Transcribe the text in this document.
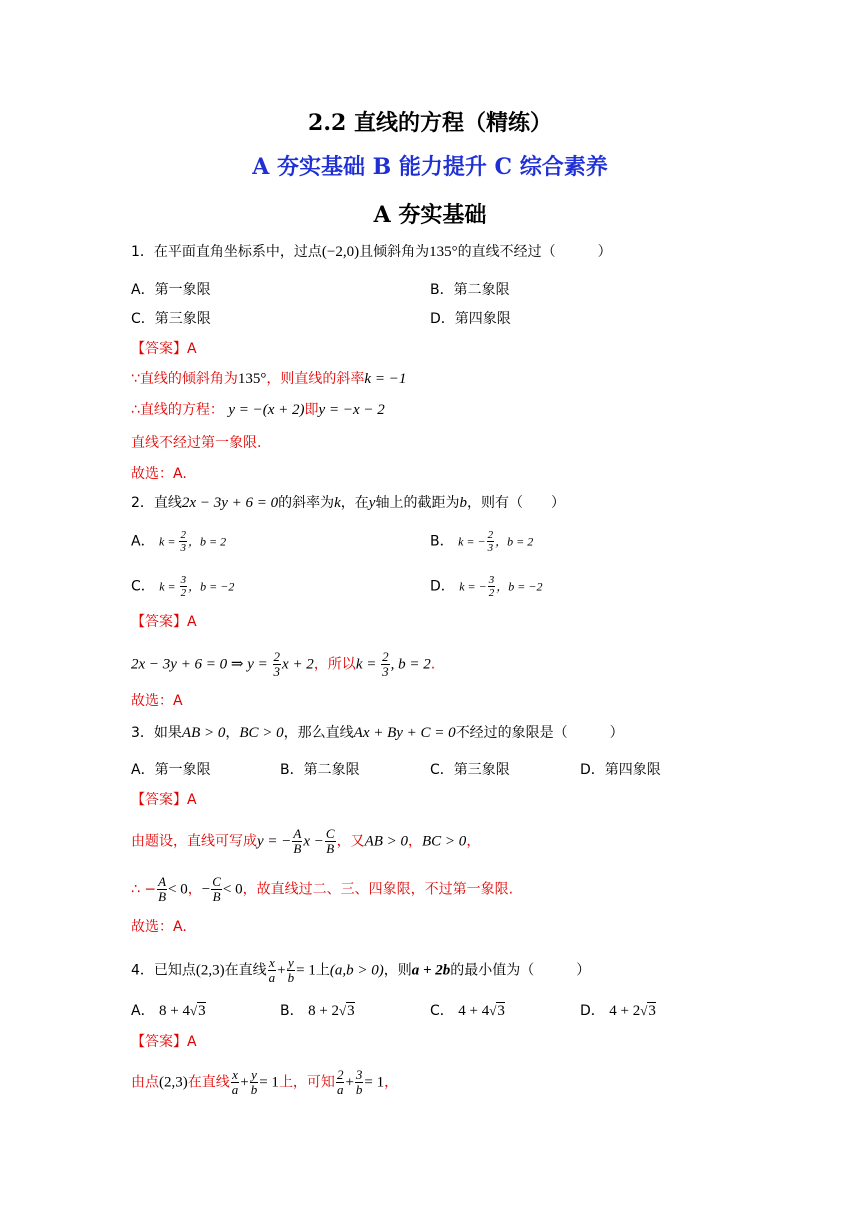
2.2 直线的方程（精练）
A 夯实基础 B 能力提升 C 综合素养
A 夯实基础
1．在平面直角坐标系中，过点(−2,0)且倾斜角为135°的直线不经过（　　　）
A．第一象限	B．第二象限
C．第三象限	D．第四象限
【答案】A
∵直线的倾斜角为135°，则直线的斜率k = −1
∴直线的方程： y = −(x + 2)即y = −x − 2
直线不经过第一象限.
故选：A.
2．直线2x − 3y + 6 = 0的斜率为k，在y轴上的截距为b，则有（　　）
A． $k = \frac{2}{3}$ ，b = 2	B． k = − $\frac{2}{3}$ ，b = 2
C． $k = \frac{3}{2}$ ，b = −2	D． k = − $\frac{3}{2}$ ，b = −2
【答案】A
2x − 3y + 6 = 0 ⇒ $y = \frac{2}{3}$ x + 2，所以$k = \frac{2}{3}$ , b = 2.
故选：A
3．如果AB > 0，BC > 0，那么直线Ax + By + C = 0不经过的象限是（　　　）
A．第一象限	B．第二象限	C．第三象限	D．第四象限
【答案】A
由题设，直线可写成y = − $\frac{A}{B}$ $x - \frac{C}{B}$ ，又AB > 0，BC > 0，
∴ − $\frac{A}{B} < 0$，− $\frac{C}{B} < 0$，故直线过二、三、四象限，不过第一象限.
故选：A.
4．已知点(2,3)在直线 $\frac{x}{a} + \frac{y}{b} = 1$上(a,b > 0)，则a + 2b的最小值为（　　　）
A． 8 + 4√3	B． 8 + 2√3	C． 4 + 4√3	D． 4 + 2√3
【答案】A
由点(2,3)在直线 $\frac{x}{a} + \frac{y}{b} = 1$上，可知 $\frac{2}{a} + \frac{3}{b} = 1$，
